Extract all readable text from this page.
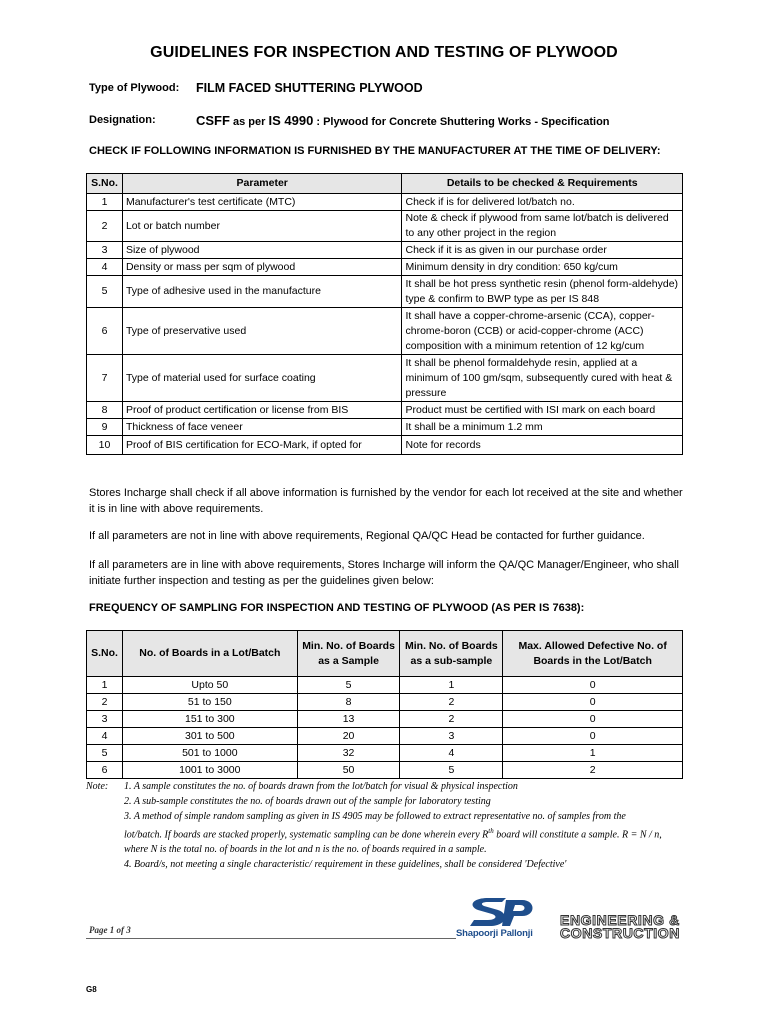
GUIDELINES FOR INSPECTION AND TESTING OF PLYWOOD
Type of Plywood: FILM FACED SHUTTERING PLYWOOD
Designation:	CSFF as per IS 4990 : Plywood for Concrete Shuttering Works - Specification
CHECK IF FOLLOWING INFORMATION IS FURNISHED BY THE MANUFACTURER AT THE TIME OF DELIVERY:
S.No.	Parameter	Details to be checked & Requirements
1	Manufacturer's test certificate (MTC)	Check if is for delivered lot/batch no.
2	Lot or batch number	Note & check if plywood from same lot/batch is delivered to any other project in the region
3	Size of plywood	Check if it is as given in our purchase order
4	Density or mass per sqm of plywood	Minimum density in dry condition: 650 kg/cum
5	Type of adhesive used in the manufacture	It shall be hot press synthetic resin (phenol form-aldehyde) type & confirm to BWP type as per IS 848
6	Type of preservative used	It shall have a copper-chrome-arsenic (CCA), copper-chrome-boron (CCB) or acid-copper-chrome (ACC) composition with a minimum retention of 12 kg/cum
7	Type of material used for surface coating	It shall be phenol formaldehyde resin, applied at a minimum of 100 gm/sqm, subsequently cured with heat & pressure
8	Proof of product certification or license from BIS	Product must be certified with ISI mark on each board
9	Thickness of face veneer	It shall be a minimum 1.2 mm
10	Proof of BIS certification for ECO-Mark, if opted for	Note for records
Stores Incharge shall check if all above information is furnished by the vendor for each lot received at the site and whether it is in line with above requirements.
If all parameters are not in line with above requirements, Regional QA/QC Head be contacted for further guidance.
If all parameters are in line with above requirements, Stores Incharge will inform the QA/QC Manager/Engineer, who shall initiate further inspection and testing as per the guidelines given below:
FREQUENCY OF SAMPLING FOR INSPECTION AND TESTING OF PLYWOOD (AS PER IS 7638):
S.No.	No. of Boards in a Lot/Batch	Min. No. of Boards as a Sample	Min. No. of Boards as a sub-sample	Max. Allowed Defective No. of Boards in the Lot/Batch
1	Upto 50	5	1	0
2	51 to 150	8	2	0
3	151 to 300	13	2	0
4	301 to 500	20	3	0
5	501 to 1000	32	4	1
6	1001 to 3000	50	5	2
Note: 1. A sample constitutes the no. of boards drawn from the lot/batch for visual & physical inspection
2. A sub-sample constitutes the no. of boards drawn out of the sample for laboratory testing
3. A method of simple random sampling as given in IS 4905 may be followed to extract representative no. of samples from the lot/batch. If boards are stacked properly, systematic sampling can be done wherein every $R^{th}$ board will constitute a sample. R = N / n, where N is the total no. of boards in the lot and n is the no. of boards required in a sample.
4. Board/s, not meeting a single characteristic/ requirement in these guidelines, shall be considered 'Defective'
Page 1 of 3	Shapoorji Pallonji
ENGINEERING &
CONSTRUCTION
G8
